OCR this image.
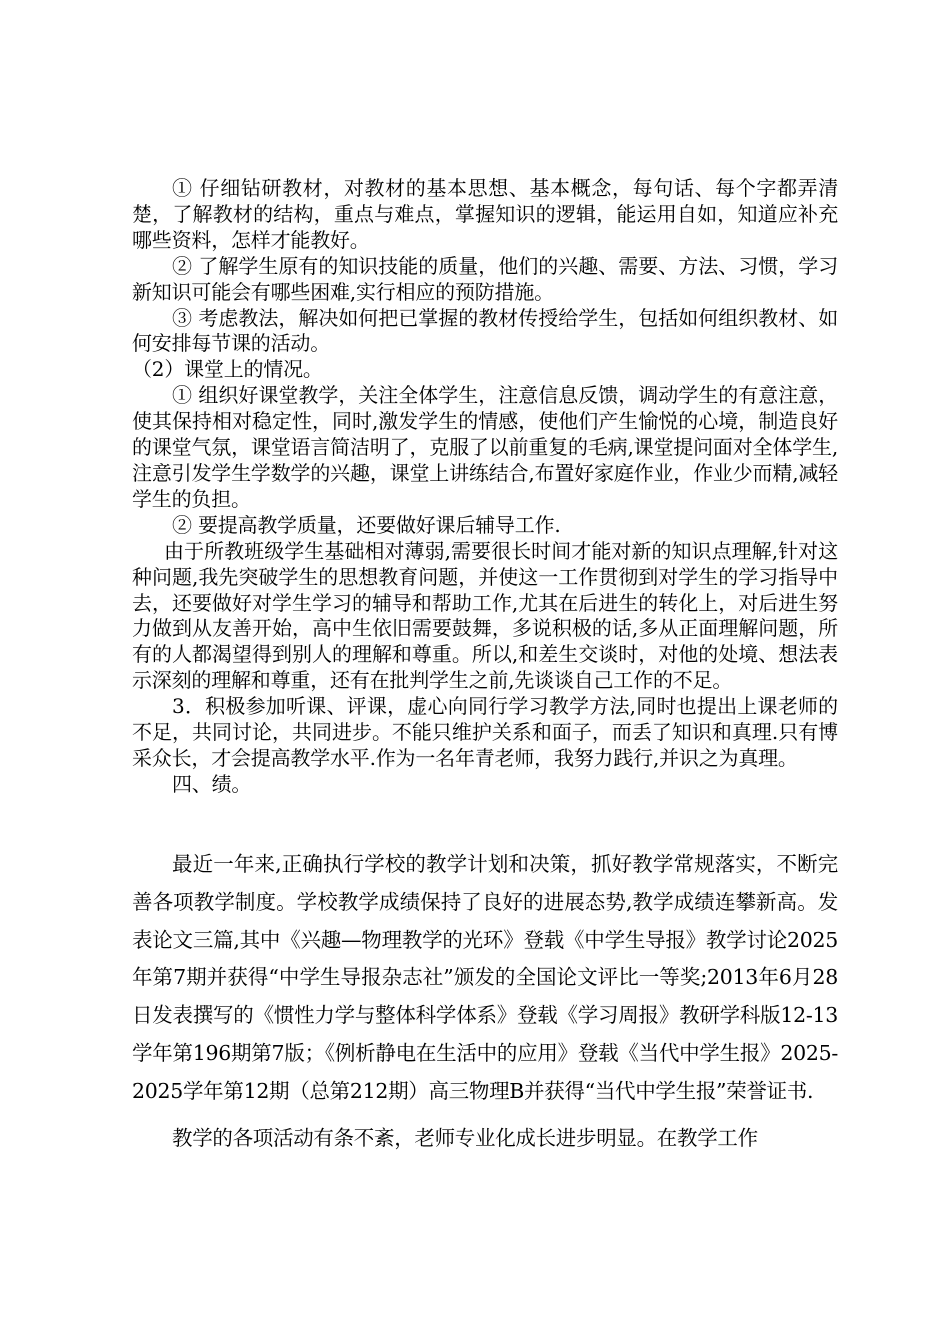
① 仔细钻研教材，对教材的基本思想、基本概念，每句话、每个字都弄清楚，了解教材的结构，重点与难点，掌握知识的逻辑，能运用自如，知道应补充哪些资料，怎样才能教好。

② 了解学生原有的知识技能的质量，他们的兴趣、需要、方法、习惯，学习新知识可能会有哪些困难,实行相应的预防措施。

③ 考虑教法，解决如何把已掌握的教材传授给学生，包括如何组织教材、如何安排每节课的活动。

（2）课堂上的情况。

① 组织好课堂教学，关注全体学生，注意信息反馈，调动学生的有意注意，使其保持相对稳定性，同时,激发学生的情感，使他们产生愉悦的心境，制造良好的课堂气氛，课堂语言简洁明了，克服了以前重复的毛病,课堂提问面对全体学生,注意引发学生学数学的兴趣，课堂上讲练结合,布置好家庭作业，作业少而精,减轻学生的负担。

② 要提高教学质量，还要做好课后辅导工作.

由于所教班级学生基础相对薄弱,需要很长时间才能对新的知识点理解,针对这种问题,我先突破学生的思想教育问题，并使这一工作贯彻到对学生的学习指导中去，还要做好对学生学习的辅导和帮助工作,尤其在后进生的转化上，对后进生努力做到从友善开始，高中生依旧需要鼓舞，多说积极的话,多从正面理解问题，所有的人都渴望得到别人的理解和尊重。所以,和差生交谈时，对他的处境、想法表示深刻的理解和尊重，还有在批判学生之前,先谈谈自己工作的不足。

3．积极参加听课、评课，虚心向同行学习教学方法,同时也提出上课老师的不足，共同讨论，共同进步。不能只维护关系和面子，而丢了知识和真理.只有博采众长，才会提高教学水平.作为一名年青老师，我努力践行,并识之为真理。

四、绩。

最近一年来,正确执行学校的教学计划和决策，抓好教学常规落实，不断完善各项教学制度。学校教学成绩保持了良好的进展态势,教学成绩连攀新高。发表论文三篇,其中《兴趣—物理教学的光环》登载《中学生导报》教学讨论2025年第7期并获得“中学生导报杂志社”颁发的全国论文评比一等奖;2013年6月28日发表撰写的《惯性力学与整体科学体系》登载《学习周报》教研学科版12-13学年第196期第7版；《例析静电在生活中的应用》登载《当代中学生报》2025-2025学年第12期（总第212期）高三物理B并获得“当代中学生报”荣誉证书.

教学的各项活动有条不紊，老师专业化成长进步明显。在教学工作
